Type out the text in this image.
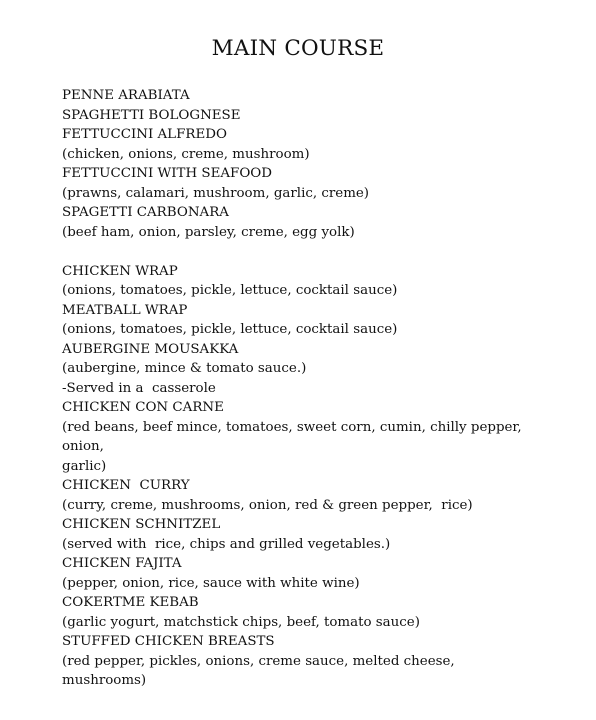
MAIN COURSE
PENNE ARABIATA
SPAGHETTI BOLOGNESE
FETTUCCINI ALFREDO
(chicken, onions, creme, mushroom)
FETTUCCINI WITH SEAFOOD
(prawns, calamari, mushroom, garlic, creme)
SPAGETTI CARBONARA
(beef ham, onion, parsley, creme, egg yolk)
CHICKEN WRAP
(onions, tomatoes, pickle, lettuce, cocktail sauce)
MEATBALL WRAP
(onions, tomatoes, pickle, lettuce, cocktail sauce)
AUBERGINE MOUSAKKA
(aubergine, mince & tomato sauce.)
-Served in a  casserole
CHICKEN CON CARNE
(red beans, beef mince, tomatoes, sweet corn, cumin, chilly pepper, onion,
garlic)
CHICKEN  CURRY
(curry, creme, mushrooms, onion, red & green pepper,  rice)
CHICKEN SCHNITZEL
(served with  rice, chips and grilled vegetables.)
CHICKEN FAJITA
(pepper, onion, rice, sauce with white wine)
COKERTME KEBAB
(garlic yogurt, matchstick chips, beef, tomato sauce)
STUFFED CHICKEN BREASTS
(red pepper, pickles, onions, creme sauce, melted cheese, mushrooms)
